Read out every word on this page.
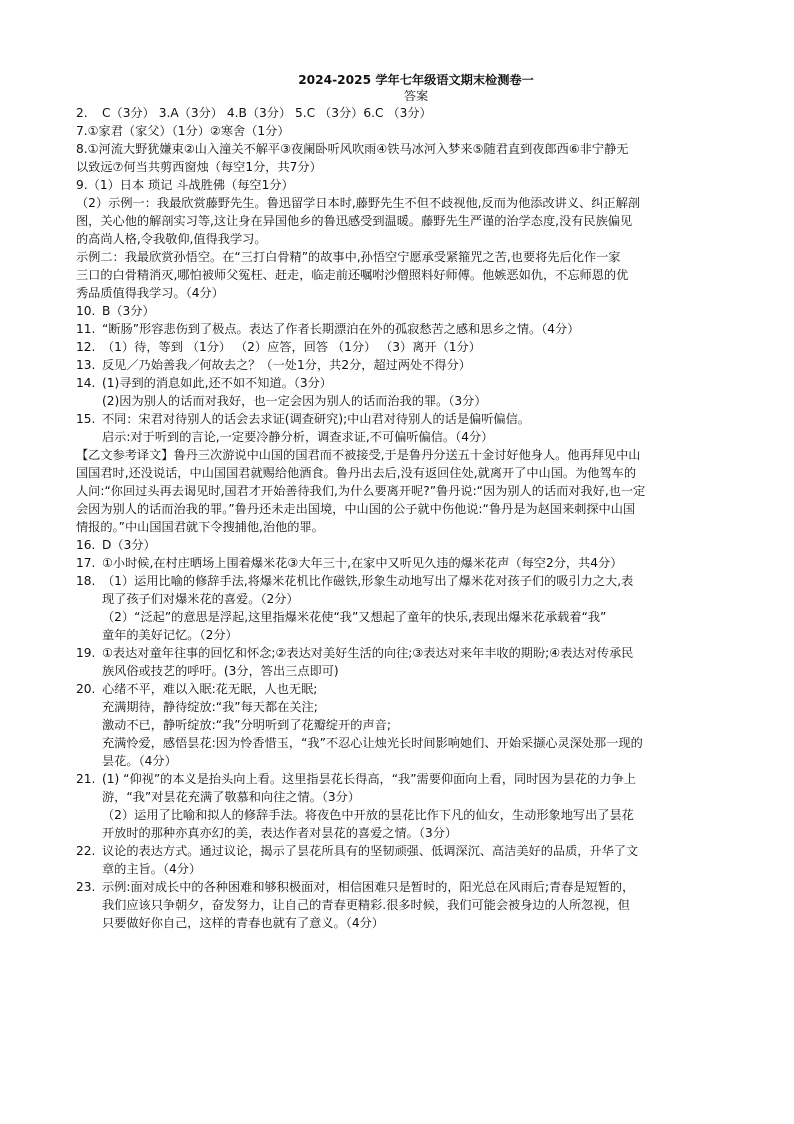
2024-2025 学年七年级语文期末检测卷一
答案
2.	C（3分） 3.A（3分） 4.B（3分） 5.C （3分）6.C （3分）
7.①家君（家父）（1分）②寒舍（1分）
8.①河流大野犹嫌束②山入潼关不解平③夜阑卧听风吹雨④铁马冰河入梦来⑤随君直到夜郎西⑥非宁静无
以致远⑦何当共剪西窗烛（每空1分，共7分）
9.（1）日本 琐记 斗战胜佛（每空1分）
（2）示例一：我最欣赏藤野先生。鲁迅留学日本时,藤野先生不但不歧视他,反而为他添改讲义、纠正解剖
图，关心他的解剖实习等,这让身在异国他乡的鲁迅感受到温暖。藤野先生严谨的治学态度,没有民族偏见
的高尚人格,令我敬仰,值得我学习。
示例二：我最欣赏孙悟空。在“三打白骨精”的故事中,孙悟空宁愿承受紧箍咒之苦,也要将先后化作一家
三口的白骨精消灭,哪怕被师父冤枉、赶走，临走前还嘱咐沙僧照料好师傅。他嫉恶如仇，不忘师恩的优
秀品质值得我学习。（4分）
10. B（3分）
11. “断肠”形容悲伤到了极点。表达了作者长期漂泊在外的孤寂愁苦之感和思乡之情。（4分）
12. （1）待，等到 （1分） （2）应答，回答 （1分） （3）离开（1分）
13. 反见／乃始善我／何故去之？（一处1分，共2分，超过两处不得分）
14. (1)寻到的消息如此,还不如不知道。（3分）
(2)因为别人的话而对我好，也一定会因为别人的话而治我的罪。（3分）
15. 不同：宋君对待别人的话会去求证(调查研究);中山君对待别人的话是偏听偏信。
启示:对于听到的言论,一定要冷静分析，调查求证,不可偏听偏信。（4分）
【乙文参考译文】鲁丹三次游说中山国的国君而不被接受,于是鲁丹分送五十金讨好他身人。他再拜见中山
国国君时,还没说话，中山国国君就赐给他酒食。鲁丹出去后,没有返回住处,就离开了中山国。为他驾车的
人问:“你回过头再去谒见时,国君才开始善待我们,为什么要离开呢?”鲁丹说:“因为别人的话而对我好,也一定
会因为别人的话而治我的罪。”鲁丹还未走出国境，中山国的公子就中伤他说:“鲁丹是为赵国来刺探中山国
情报的。”中山国国君就下令搜捕他,治他的罪。
16. D（3分）
17. ①小时候,在村庄晒场上围着爆米花③大年三十,在家中又听见久违的爆米花声（每空2分，共4分）
18. （1）运用比喻的修辞手法,将爆米花机比作磁铁,形象生动地写出了爆米花对孩子们的吸引力之大,表
现了孩子们对爆米花的喜爱。（2分）
（2）“泛起”的意思是浮起,这里指爆米花使“我”又想起了童年的快乐,表现出爆米花承载着“我”
童年的美好记忆。（2分）
19. ①表达对童年往事的回忆和怀念;②表达对美好生活的向往;③表达对来年丰收的期盼;④表达对传承民
族风俗或技艺的呼吁。(3分，答出三点即可)
20. 心绪不平，难以入眠:花无眠，人也无眠;
充满期待，静待绽放:“我”每天都在关注;
激动不已，静听绽放:“我”分明听到了花瓣绽开的声音;
充满怜爱，感悟昙花:因为怜香惜玉，“我”不忍心让烛光长时间影响她们、开始采撷心灵深处那一现的
昙花。（4分）
21. (1) “仰视”的本义是抬头向上看。这里指昙花长得高，“我”需要仰面向上看，同时因为昙花的力争上
游，“我”对昙花充满了敬慕和向往之情。（3分）
（2）运用了比喻和拟人的修辞手法。将夜色中开放的昙花比作下凡的仙女，生动形象地写出了昙花
开放时的那种亦真亦幻的美，表达作者对昙花的喜爱之情。（3分）
22. 议论的表达方式。通过议论，揭示了昙花所具有的坚韧顽强、低调深沉、高洁美好的品质，升华了文
章的主旨。（4分）
23. 示例:面对成长中的各种困难和够积极面对，相信困难只是暂时的，阳光总在风雨后;青春是短暂的，
我们应该只争朝夕，奋发努力，让自己的青春更精彩.很多时候，我们可能会被身边的人所忽视，但
只要做好你自己，这样的青春也就有了意义。（4分）
